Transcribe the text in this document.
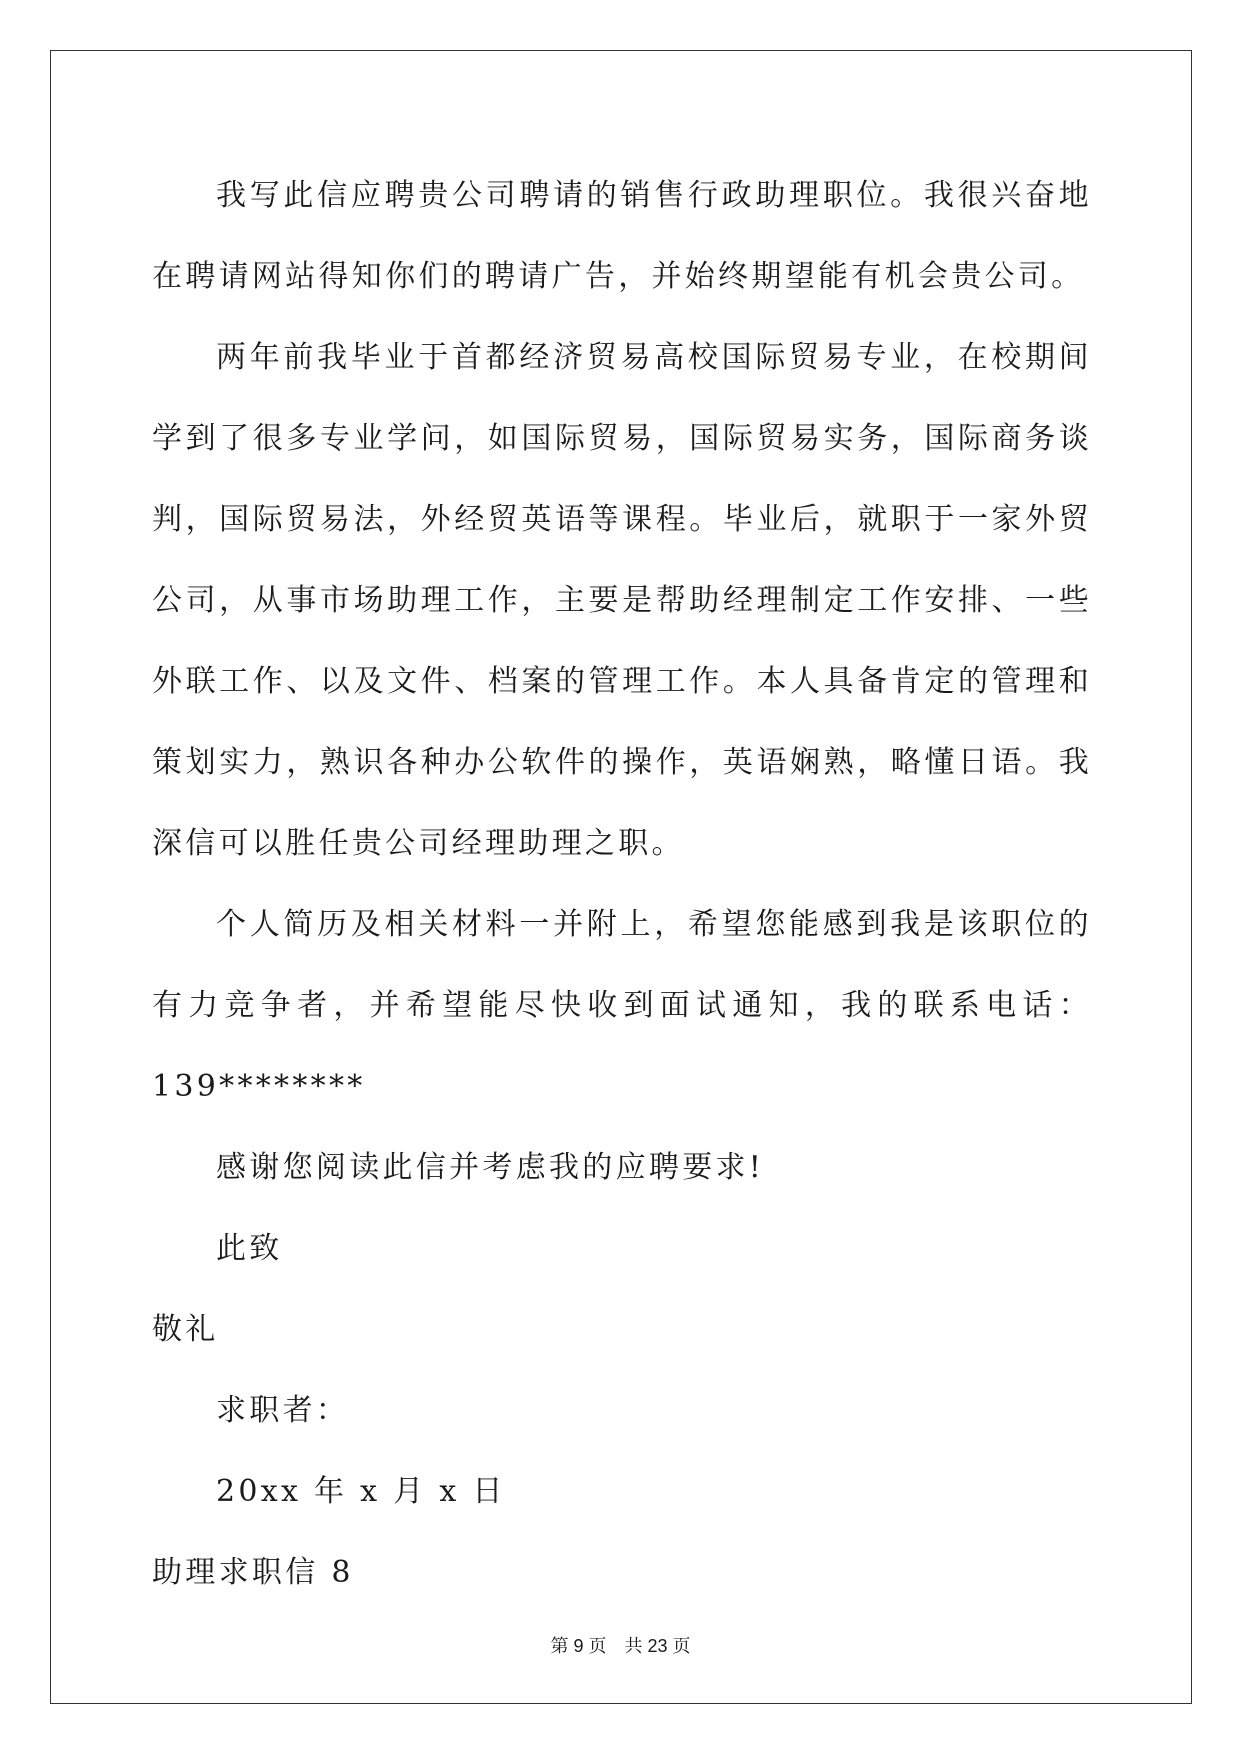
我写此信应聘贵公司聘请的销售行政助理职位。我很兴奋地在聘请网站得知你们的聘请广告，并始终期望能有机会贵公司。

两年前我毕业于首都经济贸易高校国际贸易专业，在校期间学到了很多专业学问，如国际贸易，国际贸易实务，国际商务谈判，国际贸易法，外经贸英语等课程。毕业后，就职于一家外贸公司，从事市场助理工作，主要是帮助经理制定工作安排、一些外联工作、以及文件、档案的管理工作。本人具备肯定的管理和策划实力，熟识各种办公软件的操作，英语娴熟，略懂日语。我深信可以胜任贵公司经理助理之职。

个人简历及相关材料一并附上，希望您能感到我是该职位的有力竞争者，并希望能尽快收到面试通知，我的联系电话：139********

感谢您阅读此信并考虑我的应聘要求!

此致

敬礼

求职者：

20xx 年 x 月 x 日

助理求职信 8

第 9 页 共 23 页
